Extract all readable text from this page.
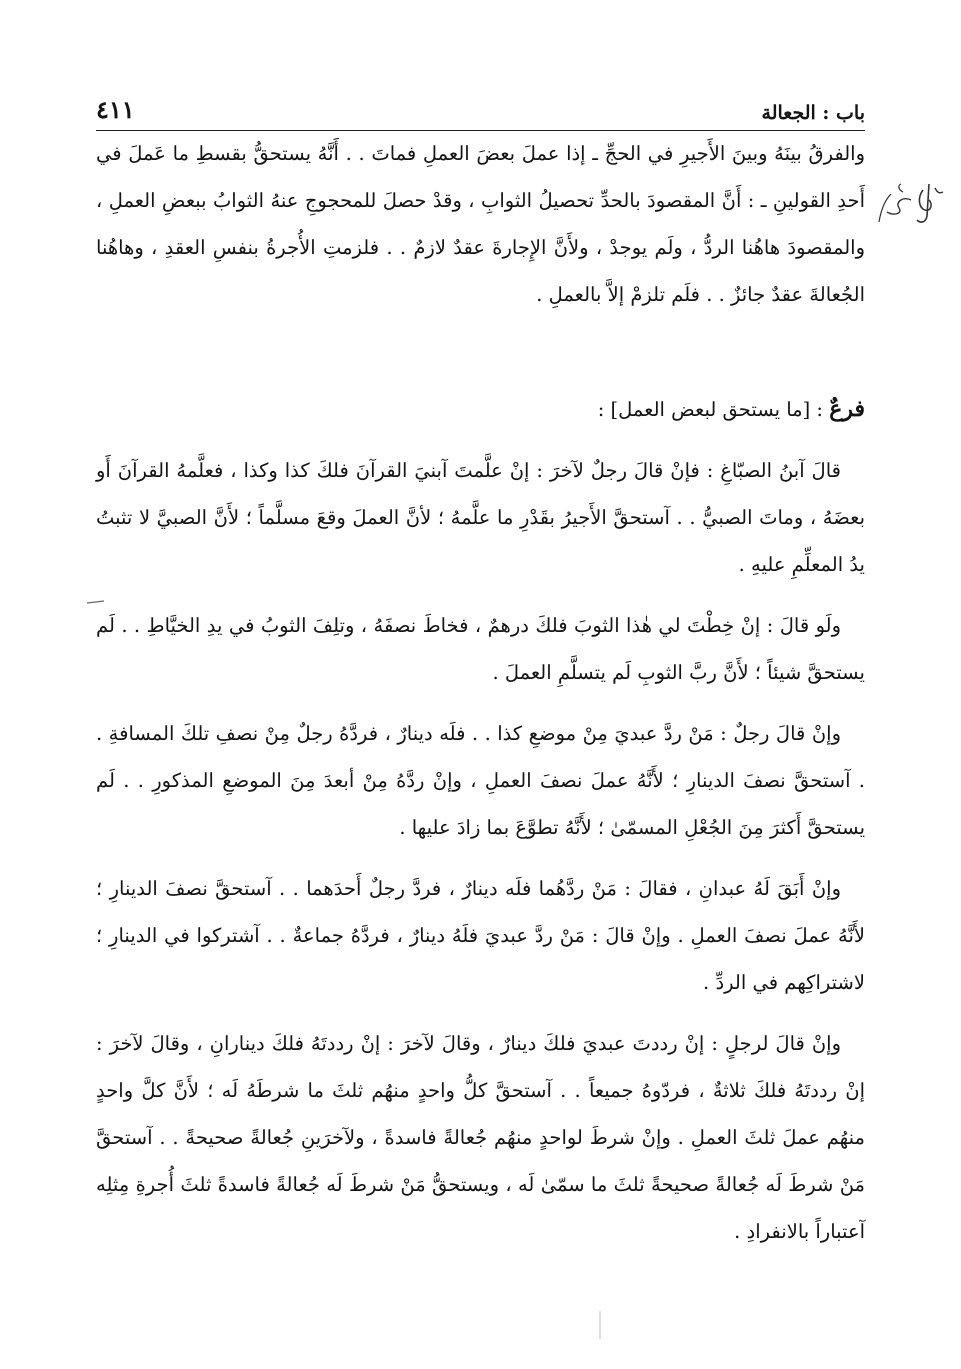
باب : الجعالة
٤١١

والفرقُ بينَهُ وبينَ الأَجيرِ في الحجِّ ـ إذا عملَ بعضَ العملِ فماتَ . . أَنَّهُ يستحقُّ بقسطِ ما عَملَ في أَحدِ القولينِ ـ : أَنَّ المقصودَ بالحدِّ تحصيلُ الثوابِ ، وقدْ حصلَ للمحجوجِ عنهُ الثوابُ ببعضِ العملِ ، والمقصودَ هاهُنا الردُّ ، ولَم يوجدْ ، ولأَنَّ الإِجارةَ عقدٌ لازمٌ . . فلزمتِ الأُجرةُ بنفسِ العقدِ ، وهاهُنا الجُعالةَ عقدٌ جائزٌ . . فلَم تلزمْ إلاَّ بالعملِ .

فرعٌ : [ما يستحق لبعض العمل] :

قالَ آبنُ الصبّاغِ : فإنْ قالَ رجلٌ لآخرَ : إنْ علَّمتَ آبنيَ القرآنَ فلكَ كذا وكذا ، فعلَّمهُ القرآنَ أَو بعضَهُ ، وماتَ الصبيُّ . . آستحقَّ الأَجيرُ بقَدْرِ ما علَّمهُ ؛ لأنَّ العملَ وقعَ مسلَّماً ؛ لأَنَّ الصبيَّ لا تثبتُ يدُ المعلِّمِ عليهِ .

ولَو قالَ : إنْ خِطْتَ لي هٰذا الثوبَ فلكَ درهمٌ ، فخاطَ نصفَهُ ، وتلِفَ الثوبُ في يدِ الخيَّاطِ . . لَم يستحقَّ شيئاً ؛ لأَنَّ ربَّ الثوبِ لَم يتسلَّمِ العملَ .

وإنْ قالَ رجلٌ : مَنْ ردَّ عبديَ مِنْ موضعِ كذا . . فلَه دينارٌ ، فردَّهُ رجلٌ مِنْ نصفِ تلكَ المسافةِ . . آستحقَّ نصفَ الدينارِ ؛ لأَنَّهُ عملَ نصفَ العملِ ، وإنْ ردَّهُ مِنْ أبعدَ مِنَ الموضعِ المذكورِ . . لَم يستحقَّ أَكثرَ مِنَ الجُعْلِ المسمّىٰ ؛ لأَنَّهُ تطوَّعَ بما زادَ عليها .

وإنْ أَبَقَ لَهُ عبدانِ ، فقالَ : مَنْ ردَّهُما فلَه دينارٌ ، فردَّ رجلٌ أَحدَهما . . آستحقَّ نصفَ الدينارِ ؛ لأَنَّهُ عملَ نصفَ العملِ . وإنْ قالَ : مَنْ ردَّ عبديَ فلَهُ دينارٌ ، فردَّهُ جماعةٌ . . آشتركوا في الدينارِ ؛ لاشتراكِهم في الردِّ .

وإنْ قالَ لرجلٍ : إنْ رددتَ عبديَ فلكَ دينارٌ ، وقالَ لآخرَ : إنْ رددتَهُ فلكَ دينارانِ ، وقالَ لآخرَ : إنْ رددتَهُ فلكَ ثلاثةٌ ، فردّوهُ جميعاً . . آستحقَّ كلُّ واحدٍ منهُم ثلثَ ما شرطَهُ لَه ؛ لأَنَّ كلَّ واحدٍ منهُم عملَ ثلثَ العملِ . وإنْ شرطَ لواحدٍ منهُم جُعالةً فاسدةً ، ولآخرَينِ جُعالةً صحيحةً . . آستحقَّ مَنْ شرطَ لَه جُعالةً صحيحةً ثلثَ ما سمّىٰ لَه ، ويستحقُّ مَنْ شرطَ لَه جُعالةً فاسدةً ثلثَ أُجرةِ مِثلِه آعتباراً بالانفرادِ .
